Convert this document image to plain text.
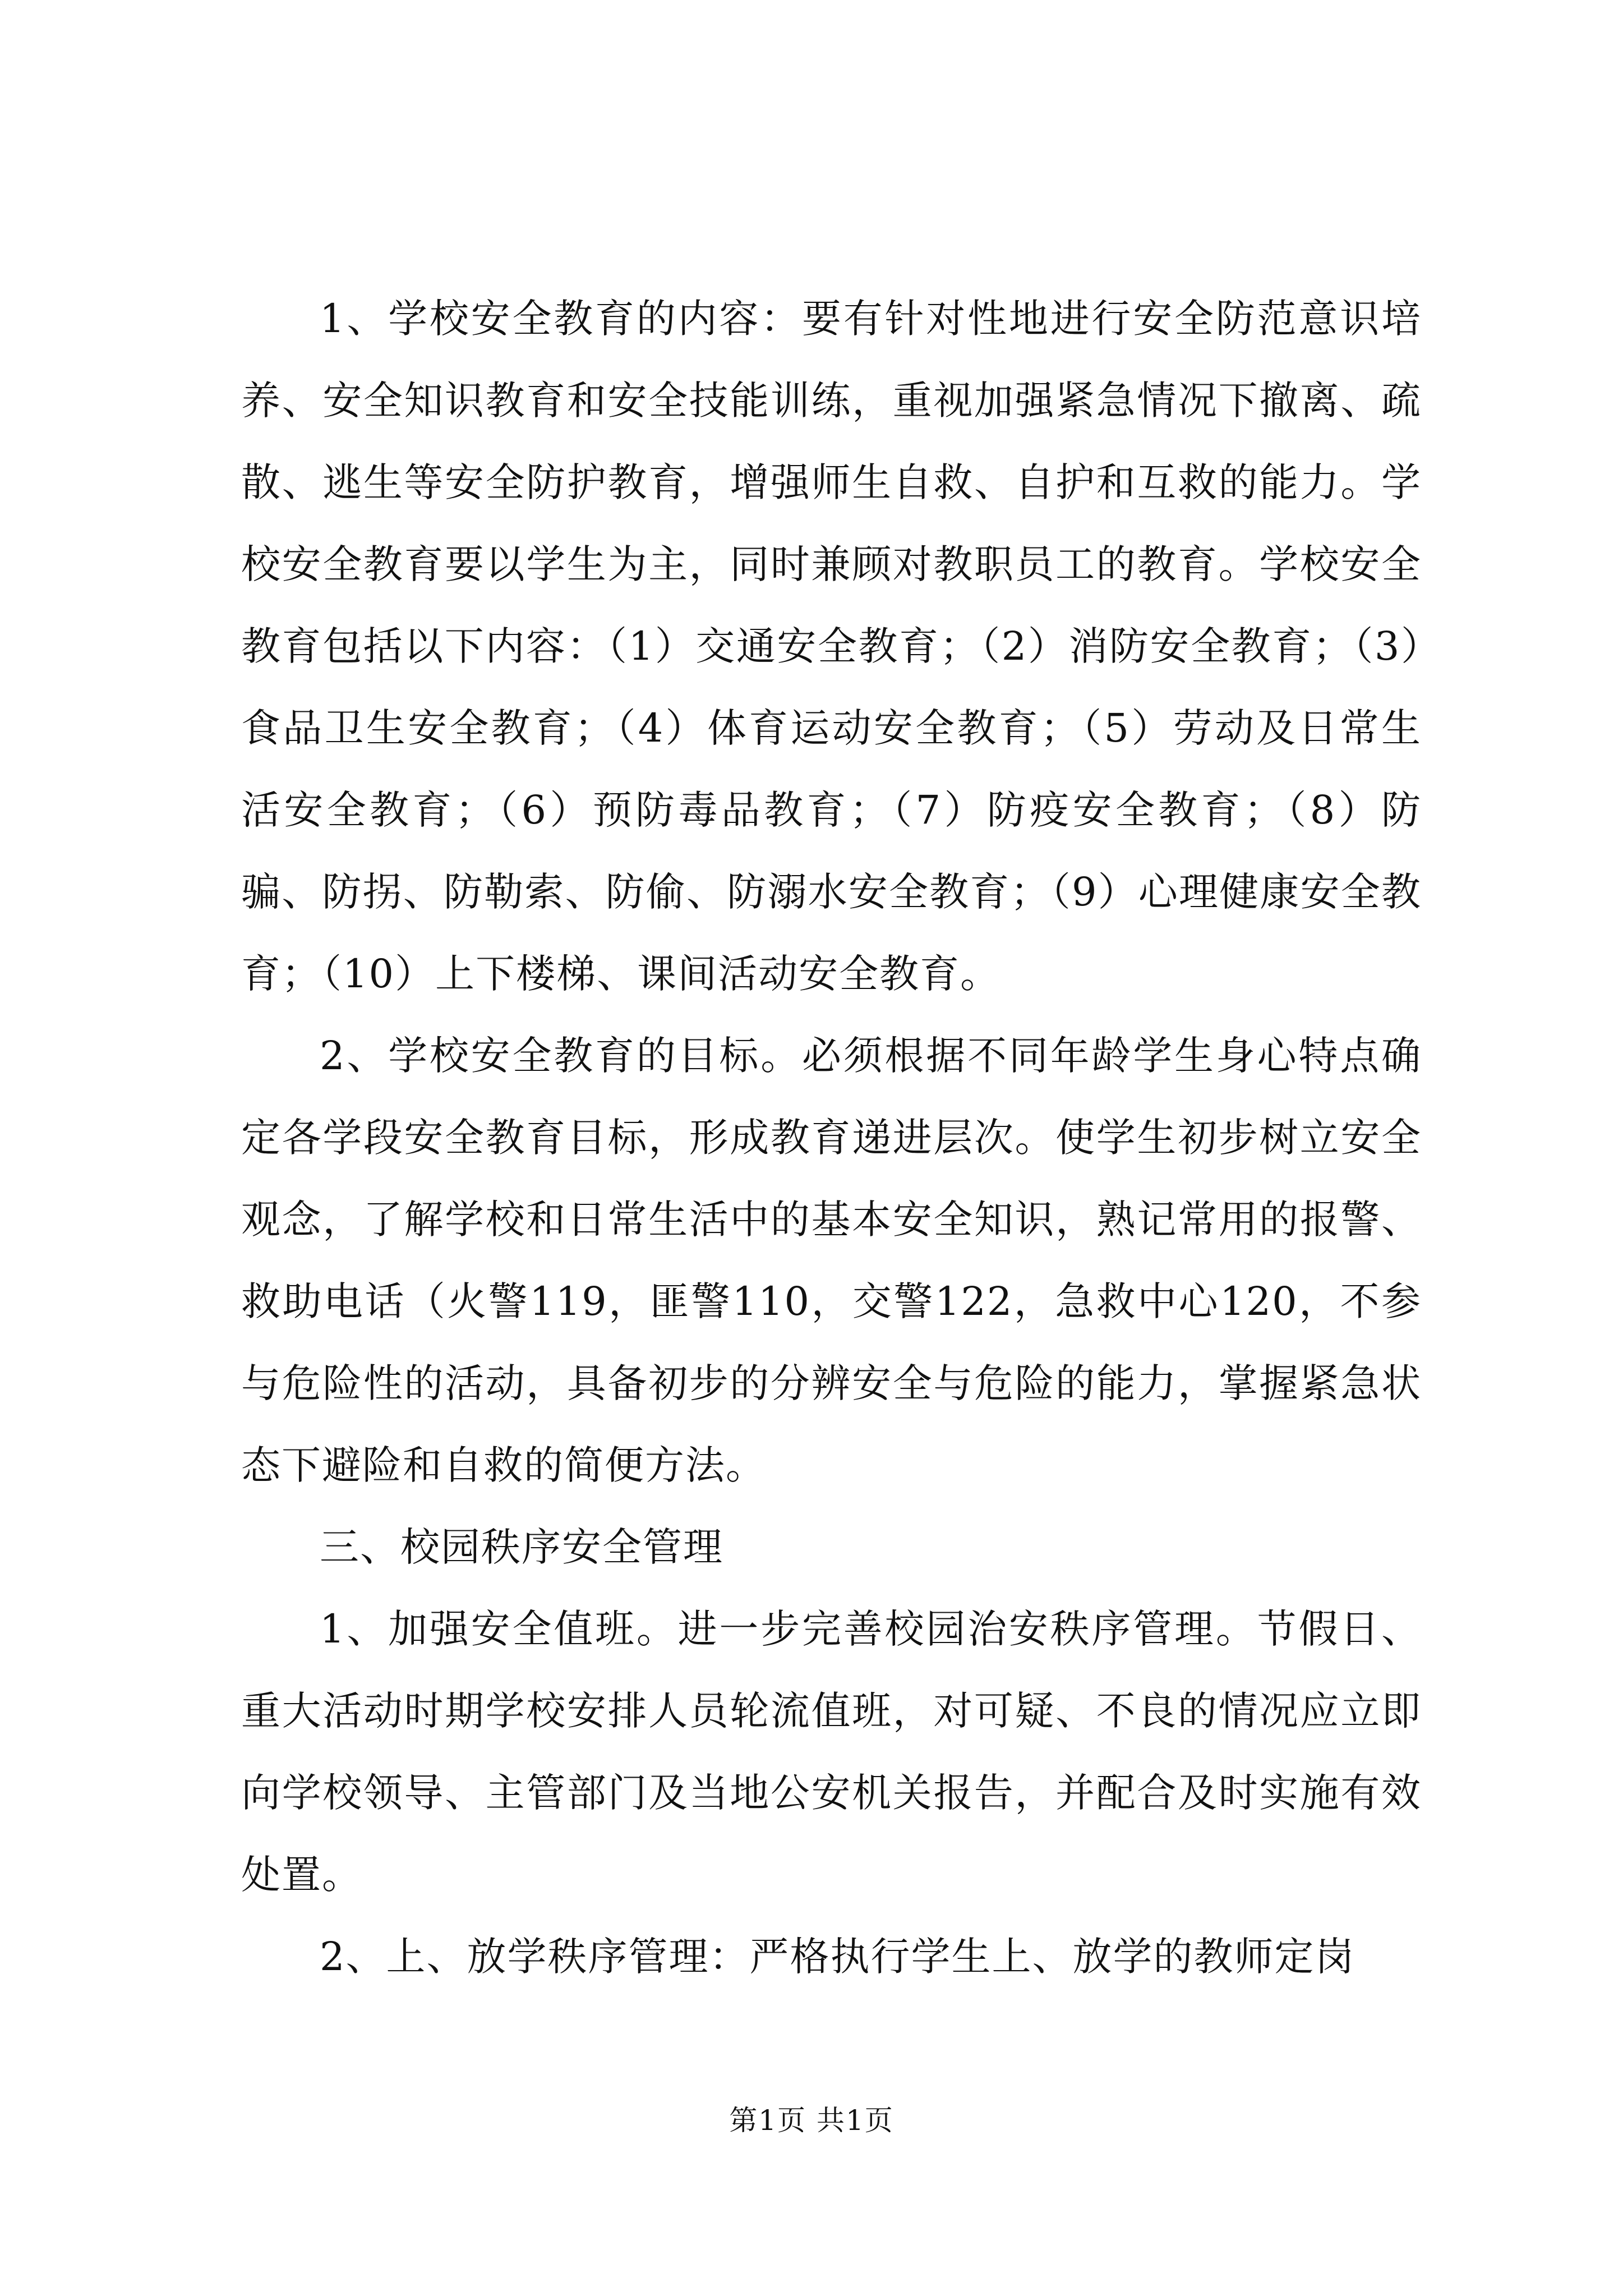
1、学校安全教育的内容：要有针对性地进行安全防范意识培养、安全知识教育和安全技能训练，重视加强紧急情况下撤离、疏散、逃生等安全防护教育，增强师生自救、自护和互救的能力。学校安全教育要以学生为主，同时兼顾对教职员工的教育。学校安全教育包括以下内容：（1）交通安全教育；（2）消防安全教育；（3）食品卫生安全教育；（4）体育运动安全教育；（5）劳动及日常生活安全教育；（6）预防毒品教育；（7）防疫安全教育；（8）防骗、防拐、防勒索、防偷、防溺水安全教育；（9）心理健康安全教育；（10）上下楼梯、课间活动安全教育。

2、学校安全教育的目标。必须根据不同年龄学生身心特点确定各学段安全教育目标，形成教育递进层次。使学生初步树立安全观念，了解学校和日常生活中的基本安全知识，熟记常用的报警、救助电话（火警119，匪警110，交警122，急救中心120，不参与危险性的活动，具备初步的分辨安全与危险的能力，掌握紧急状态下避险和自救的简便方法。

三、校园秩序安全管理

1、加强安全值班。进一步完善校园治安秩序管理。节假日、重大活动时期学校安排人员轮流值班，对可疑、不良的情况应立即向学校领导、主管部门及当地公安机关报告，并配合及时实施有效处置。

2、上、放学秩序管理：严格执行学生上、放学的教师定岗

第1页 共1页
